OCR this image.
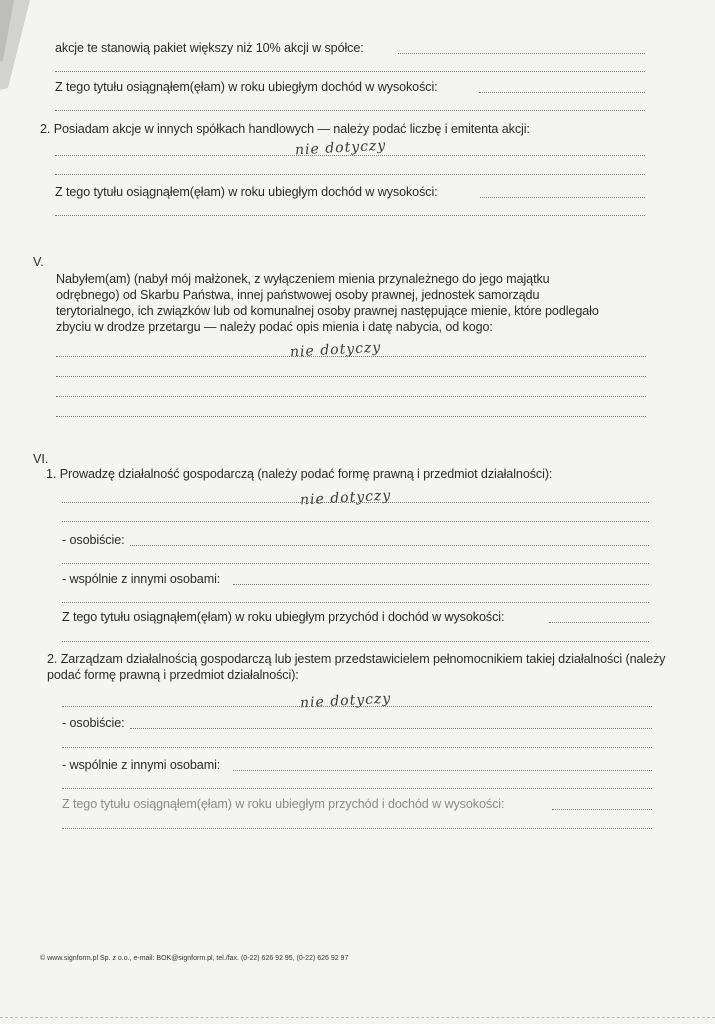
akcje te stanowią pakiet większy niż 10% akcji w spółce:
Z tego tytułu osiągnąłem(ęłam) w roku ubiegłym dochód w wysokości:
2. Posiadam akcje w innych spółkach handlowych — należy podać liczbę i emitenta akcji:
nie dotyczy
Z tego tytułu osiągnąłem(ęłam) w roku ubiegłym dochód w wysokości:
V.
Nabyłem(am) (nabył mój małżonek, z wyłączeniem mienia przynależnego do jego majątku odrębnego) od Skarbu Państwa, innej państwowej osoby prawnej, jednostek samorządu terytorialnego, ich związków lub od komunalnej osoby prawnej następujące mienie, które podlegało zbyciu w drodze przetargu — należy podać opis mienia i datę nabycia, od kogo:
nie dotyczy
VI.
1. Prowadzę działalność gospodarczą (należy podać formę prawną i przedmiot działalności):
nie dotyczy
- osobiście:
- wspólnie z innymi osobami:
Z tego tytułu osiągnąłem(ęłam) w roku ubiegłym przychód i dochód w wysokości:
2. Zarządzam działalnością gospodarczą lub jestem przedstawicielem pełnomocnikiem takiej działalności (należy podać formę prawną i przedmiot działalności):
nie dotyczy
- osobiście:
- wspólnie z innymi osobami:
Z tego tytułu osiągnąłem(ęłam) w roku ubiegłym przychód i dochód w wysokości:
© www.signform.pl Sp. z o.o., e-mail: BOK@signform.pl, tel./fax. (0-22) 626 92 95, (0-22) 626 92 97
